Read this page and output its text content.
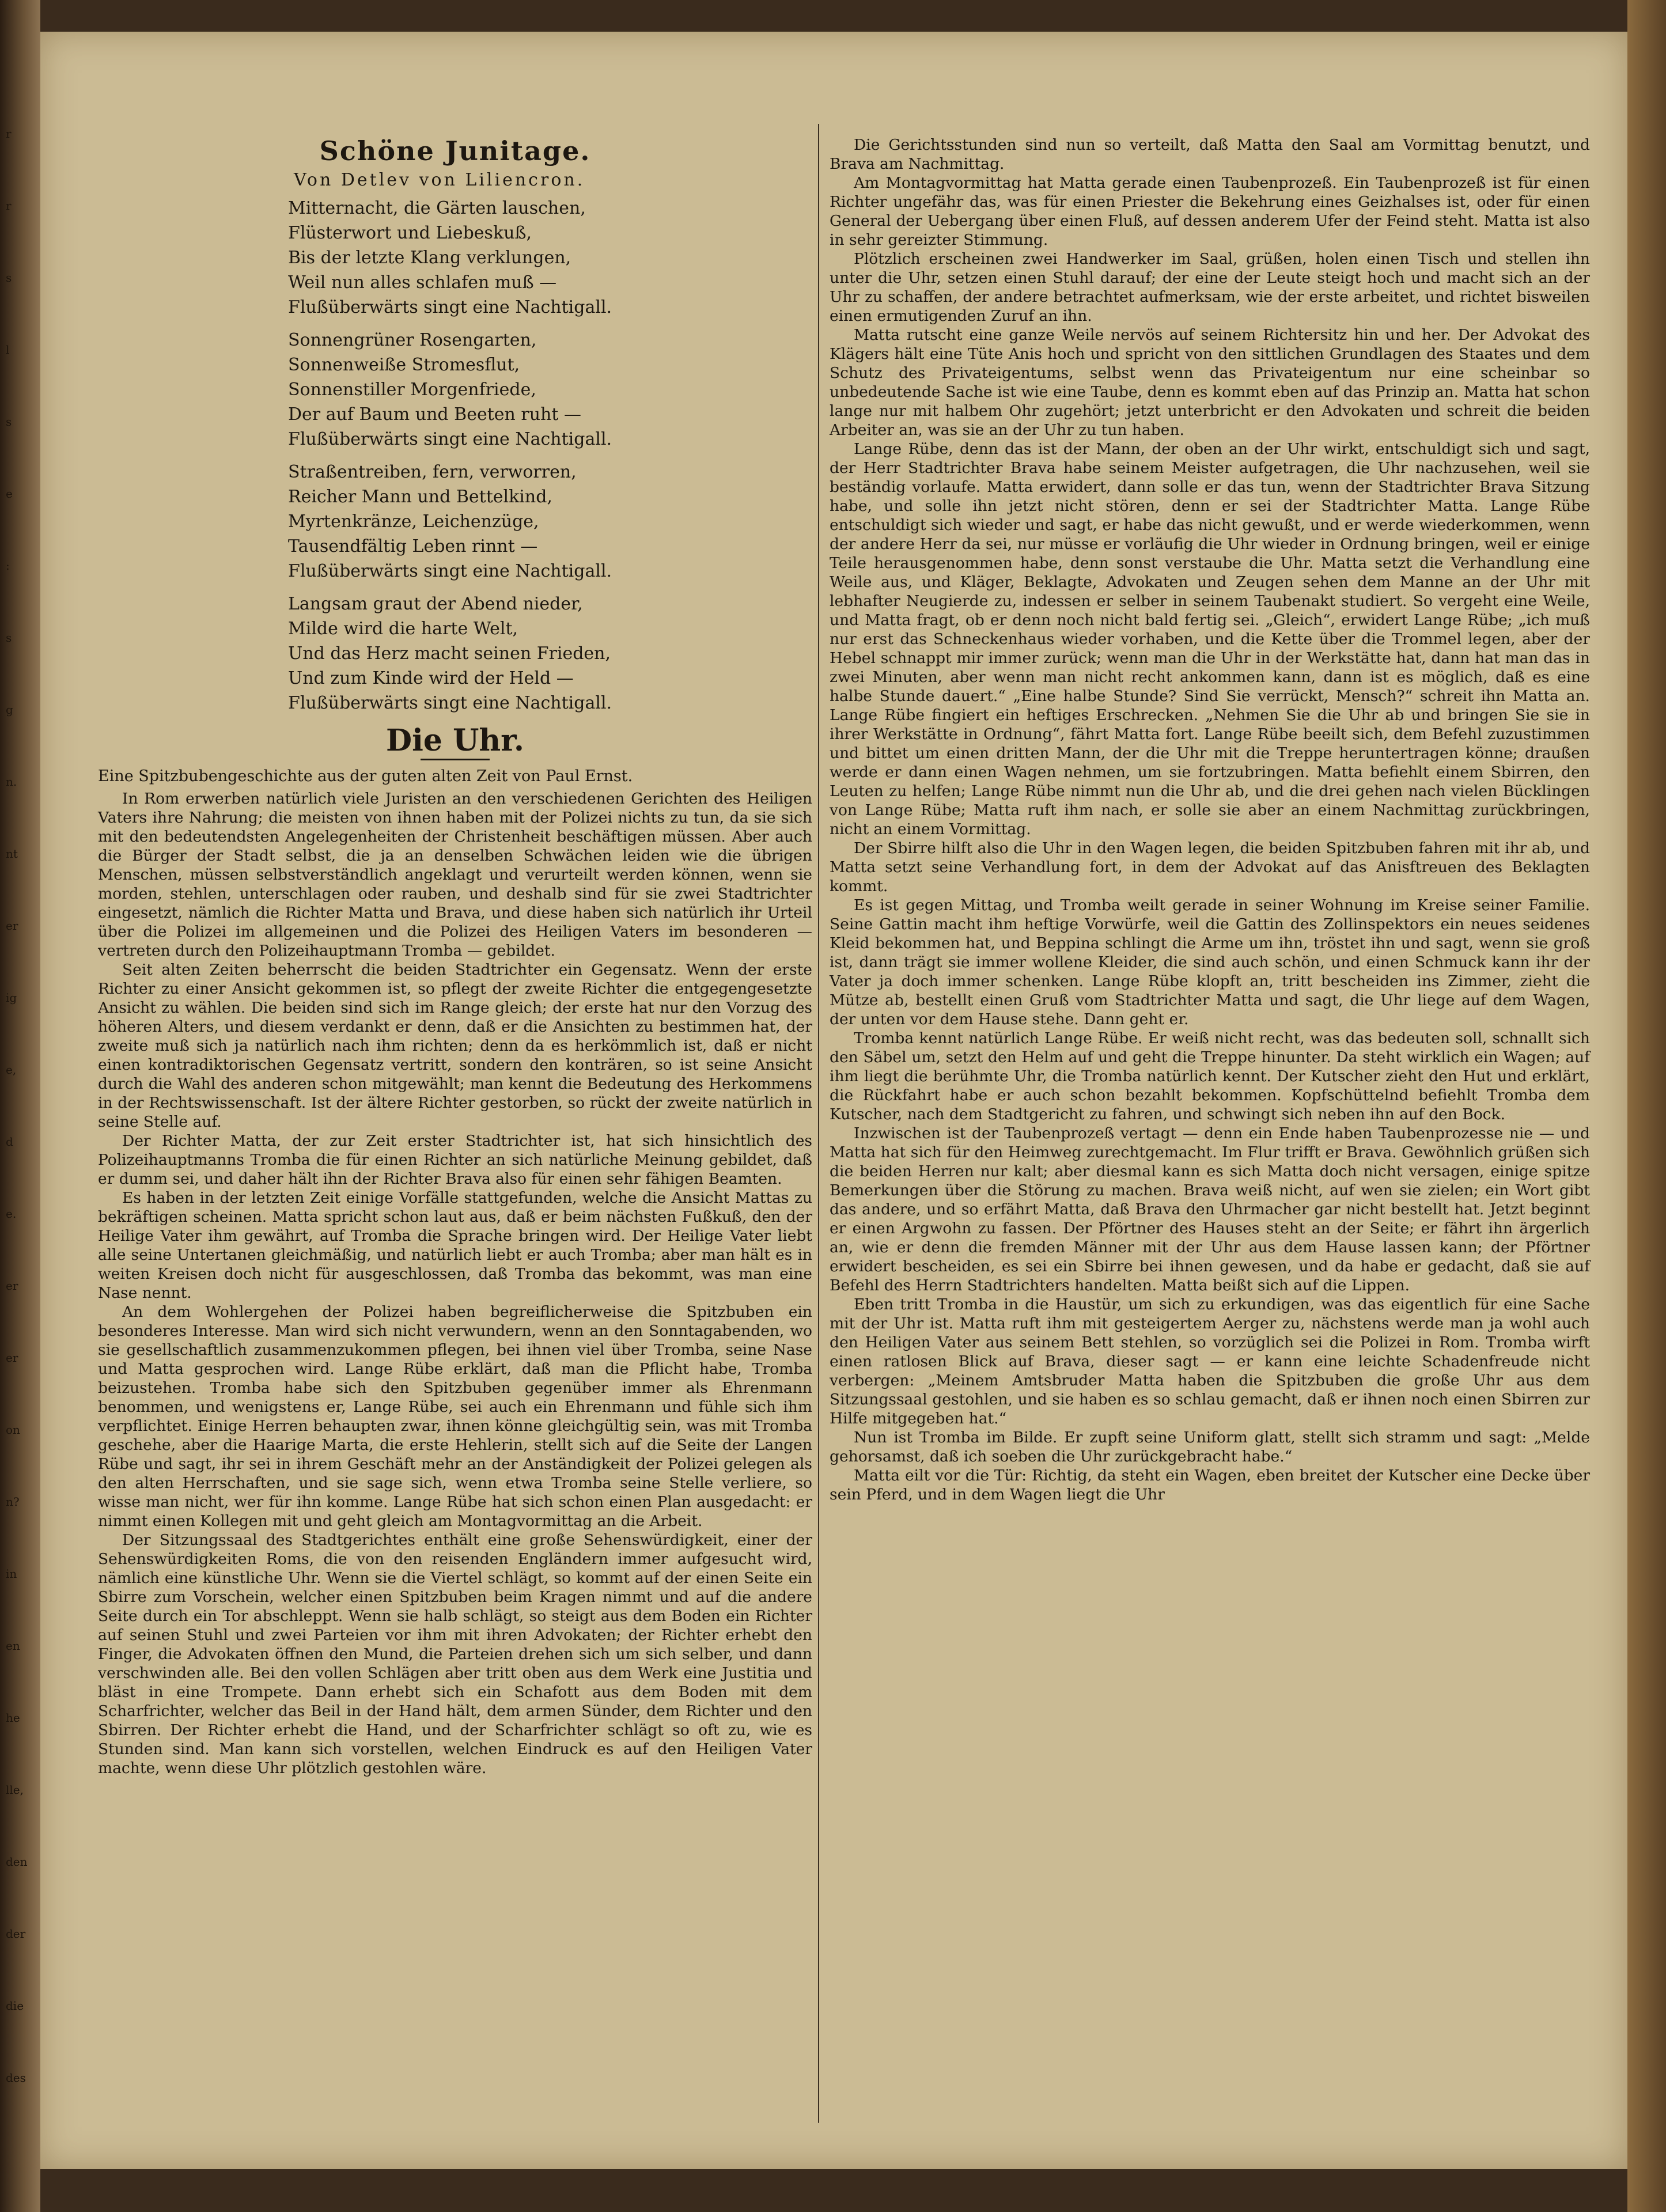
r
r
s
l
s
e
:
s
g
n.
nt
er
ig
e,
d
e.
er
er
on
n?
in
en
he
lle,
den
der
die
des
Schöne Junitage.

Von Detlev von Liliencron.

Mitternacht, die Gärten lauschen,
Flüsterwort und Liebeskuß,
Bis der letzte Klang verklungen,
Weil nun alles schlafen muß —
Flußüberwärts singt eine Nachtigall.
Sonnengrüner Rosengarten,
Sonnenweiße Stromesflut,
Sonnenstiller Morgenfriede,
Der auf Baum und Beeten ruht —
Flußüberwärts singt eine Nachtigall.
Straßentreiben, fern, verworren,
Reicher Mann und Bettelkind,
Myrtenkränze, Leichenzüge,
Tausendfältig Leben rinnt —
Flußüberwärts singt eine Nachtigall.
Langsam graut der Abend nieder,
Milde wird die harte Welt,
Und das Herz macht seinen Frieden,
Und zum Kinde wird der Held —
Flußüberwärts singt eine Nachtigall.
Die Uhr.

Eine Spitzbubengeschichte aus der guten alten Zeit von Paul Ernst.

In Rom erwerben natürlich viele Juristen an den verschiedenen Gerichten des Heiligen Vaters ihre Nahrung; die meisten von ihnen haben mit der Polizei nichts zu tun, da sie sich mit den bedeutendsten Angelegenheiten der Christenheit beschäftigen müssen. Aber auch die Bürger der Stadt selbst, die ja an denselben Schwächen leiden wie die übrigen Menschen, müssen selbstverständlich angeklagt und verurteilt werden können, wenn sie morden, stehlen, unterschlagen oder rauben, und deshalb sind für sie zwei Stadtrichter eingesetzt, nämlich die Richter Matta und Brava, und diese haben sich natürlich ihr Urteil über die Polizei im allgemeinen und die Polizei des Heiligen Vaters im besonderen — vertreten durch den Polizeihauptmann Tromba — gebildet.

Seit alten Zeiten beherrscht die beiden Stadtrichter ein Gegensatz. Wenn der erste Richter zu einer Ansicht gekommen ist, so pflegt der zweite Richter die entgegengesetzte Ansicht zu wählen. Die beiden sind sich im Range gleich; der erste hat nur den Vorzug des höheren Alters, und diesem verdankt er denn, daß er die Ansichten zu bestimmen hat, der zweite muß sich ja natürlich nach ihm richten; denn da es herkömmlich ist, daß er nicht einen kontradiktorischen Gegensatz vertritt, sondern den konträren, so ist seine Ansicht durch die Wahl des anderen schon mitgewählt; man kennt die Bedeutung des Herkommens in der Rechtswissenschaft. Ist der ältere Richter gestorben, so rückt der zweite natürlich in seine Stelle auf.

Der Richter Matta, der zur Zeit erster Stadtrichter ist, hat sich hinsichtlich des Polizeihauptmanns Tromba die für einen Richter an sich natürliche Meinung gebildet, daß er dumm sei, und daher hält ihn der Richter Brava also für einen sehr fähigen Beamten.

Es haben in der letzten Zeit einige Vorfälle stattgefunden, welche die Ansicht Mattas zu bekräftigen scheinen. Matta spricht schon laut aus, daß er beim nächsten Fußkuß, den der Heilige Vater ihm gewährt, auf Tromba die Sprache bringen wird. Der Heilige Vater liebt alle seine Untertanen gleichmäßig, und natürlich liebt er auch Tromba; aber man hält es in weiten Kreisen doch nicht für ausgeschlossen, daß Tromba das bekommt, was man eine Nase nennt.

An dem Wohlergehen der Polizei haben begreiflicherweise die Spitzbuben ein besonderes Interesse. Man wird sich nicht verwundern, wenn an den Sonntagabenden, wo sie gesellschaftlich zusammenzukommen pflegen, bei ihnen viel über Tromba, seine Nase und Matta gesprochen wird. Lange Rübe erklärt, daß man die Pflicht habe, Tromba beizustehen. Tromba habe sich den Spitzbuben gegenüber immer als Ehrenmann benommen, und wenigstens er, Lange Rübe, sei auch ein Ehrenmann und fühle sich ihm verpflichtet. Einige Herren behaupten zwar, ihnen könne gleichgültig sein, was mit Tromba geschehe, aber die Haarige Marta, die erste Hehlerin, stellt sich auf die Seite der Langen Rübe und sagt, ihr sei in ihrem Geschäft mehr an der Anständigkeit der Polizei gelegen als den alten Herrschaften, und sie sage sich, wenn etwa Tromba seine Stelle verliere, so wisse man nicht, wer für ihn komme. Lange Rübe hat sich schon einen Plan ausgedacht: er nimmt einen Kollegen mit und geht gleich am Montagvormittag an die Arbeit.

Der Sitzungssaal des Stadtgerichtes enthält eine große Sehenswürdigkeit, einer der Sehenswürdigkeiten Roms, die von den reisenden Engländern immer aufgesucht wird, nämlich eine künstliche Uhr. Wenn sie die Viertel schlägt, so kommt auf der einen Seite ein Sbirre zum Vorschein, welcher einen Spitzbuben beim Kragen nimmt und auf die andere Seite durch ein Tor abschleppt. Wenn sie halb schlägt, so steigt aus dem Boden ein Richter auf seinen Stuhl und zwei Parteien vor ihm mit ihren Advokaten; der Richter erhebt den Finger, die Advokaten öffnen den Mund, die Parteien drehen sich um sich selber, und dann verschwinden alle. Bei den vollen Schlägen aber tritt oben aus dem Werk eine Justitia und bläst in eine Trompete. Dann erhebt sich ein Schafott aus dem Boden mit dem Scharfrichter, welcher das Beil in der Hand hält, dem armen Sünder, dem Richter und den Sbirren. Der Richter erhebt die Hand, und der Scharfrichter schlägt so oft zu, wie es Stunden sind. Man kann sich vorstellen, welchen Eindruck es auf den Heiligen Vater machte, wenn diese Uhr plötzlich gestohlen wäre.

Die Gerichtsstunden sind nun so verteilt, daß Matta den Saal am Vormittag benutzt, und Brava am Nachmittag.

Am Montagvormittag hat Matta gerade einen Taubenprozeß. Ein Taubenprozeß ist für einen Richter ungefähr das, was für einen Priester die Bekehrung eines Geizhalses ist, oder für einen General der Uebergang über einen Fluß, auf dessen anderem Ufer der Feind steht. Matta ist also in sehr gereizter Stimmung.

Plötzlich erscheinen zwei Handwerker im Saal, grüßen, holen einen Tisch und stellen ihn unter die Uhr, setzen einen Stuhl darauf; der eine der Leute steigt hoch und macht sich an der Uhr zu schaffen, der andere betrachtet aufmerksam, wie der erste arbeitet, und richtet bisweilen einen ermutigenden Zuruf an ihn.

Matta rutscht eine ganze Weile nervös auf seinem Richtersitz hin und her. Der Advokat des Klägers hält eine Tüte Anis hoch und spricht von den sittlichen Grundlagen des Staates und dem Schutz des Privateigentums, selbst wenn das Privateigentum nur eine scheinbar so unbedeutende Sache ist wie eine Taube, denn es kommt eben auf das Prinzip an. Matta hat schon lange nur mit halbem Ohr zugehört; jetzt unterbricht er den Advokaten und schreit die beiden Arbeiter an, was sie an der Uhr zu tun haben.

Lange Rübe, denn das ist der Mann, der oben an der Uhr wirkt, entschuldigt sich und sagt, der Herr Stadtrichter Brava habe seinem Meister aufgetragen, die Uhr nachzusehen, weil sie beständig vorlaufe. Matta erwidert, dann solle er das tun, wenn der Stadtrichter Brava Sitzung habe, und solle ihn jetzt nicht stören, denn er sei der Stadtrichter Matta. Lange Rübe entschuldigt sich wieder und sagt, er habe das nicht gewußt, und er werde wiederkommen, wenn der andere Herr da sei, nur müsse er vorläufig die Uhr wieder in Ordnung bringen, weil er einige Teile herausgenommen habe, denn sonst verstaube die Uhr. Matta setzt die Verhandlung eine Weile aus, und Kläger, Beklagte, Advokaten und Zeugen sehen dem Manne an der Uhr mit lebhafter Neugierde zu, indessen er selber in seinem Taubenakt studiert. So vergeht eine Weile, und Matta fragt, ob er denn noch nicht bald fertig sei. „Gleich“, erwidert Lange Rübe; „ich muß nur erst das Schneckenhaus wieder vorhaben, und die Kette über die Trommel legen, aber der Hebel schnappt mir immer zurück; wenn man die Uhr in der Werkstätte hat, dann hat man das in zwei Minuten, aber wenn man nicht recht ankommen kann, dann ist es möglich, daß es eine halbe Stunde dauert.“ „Eine halbe Stunde? Sind Sie verrückt, Mensch?“ schreit ihn Matta an. Lange Rübe fingiert ein heftiges Erschrecken. „Nehmen Sie die Uhr ab und bringen Sie sie in ihrer Werkstätte in Ordnung“, fährt Matta fort. Lange Rübe beeilt sich, dem Befehl zuzustimmen und bittet um einen dritten Mann, der die Uhr mit die Treppe heruntertragen könne; draußen werde er dann einen Wagen nehmen, um sie fortzubringen. Matta befiehlt einem Sbirren, den Leuten zu helfen; Lange Rübe nimmt nun die Uhr ab, und die drei gehen nach vielen Bücklingen von Lange Rübe; Matta ruft ihm nach, er solle sie aber an einem Nachmittag zurückbringen, nicht an einem Vormittag.

Der Sbirre hilft also die Uhr in den Wagen legen, die beiden Spitzbuben fahren mit ihr ab, und Matta setzt seine Verhandlung fort, in dem der Advokat auf das Anisftreuen des Beklagten kommt.

Es ist gegen Mittag, und Tromba weilt gerade in seiner Wohnung im Kreise seiner Familie. Seine Gattin macht ihm heftige Vorwürfe, weil die Gattin des Zollinspektors ein neues seidenes Kleid bekommen hat, und Beppina schlingt die Arme um ihn, tröstet ihn und sagt, wenn sie groß ist, dann trägt sie immer wollene Kleider, die sind auch schön, und einen Schmuck kann ihr der Vater ja doch immer schenken. Lange Rübe klopft an, tritt bescheiden ins Zimmer, zieht die Mütze ab, bestellt einen Gruß vom Stadtrichter Matta und sagt, die Uhr liege auf dem Wagen, der unten vor dem Hause stehe. Dann geht er.

Tromba kennt natürlich Lange Rübe. Er weiß nicht recht, was das bedeuten soll, schnallt sich den Säbel um, setzt den Helm auf und geht die Treppe hinunter. Da steht wirklich ein Wagen; auf ihm liegt die berühmte Uhr, die Tromba natürlich kennt. Der Kutscher zieht den Hut und erklärt, die Rückfahrt habe er auch schon bezahlt bekommen. Kopfschüttelnd befiehlt Tromba dem Kutscher, nach dem Stadtgericht zu fahren, und schwingt sich neben ihn auf den Bock.

Inzwischen ist der Taubenprozeß vertagt — denn ein Ende haben Taubenprozesse nie — und Matta hat sich für den Heimweg zurechtgemacht. Im Flur trifft er Brava. Gewöhnlich grüßen sich die beiden Herren nur kalt; aber diesmal kann es sich Matta doch nicht versagen, einige spitze Bemerkungen über die Störung zu machen. Brava weiß nicht, auf wen sie zielen; ein Wort gibt das andere, und so erfährt Matta, daß Brava den Uhrmacher gar nicht bestellt hat. Jetzt beginnt er einen Argwohn zu fassen. Der Pförtner des Hauses steht an der Seite; er fährt ihn ärgerlich an, wie er denn die fremden Männer mit der Uhr aus dem Hause lassen kann; der Pförtner erwidert bescheiden, es sei ein Sbirre bei ihnen gewesen, und da habe er gedacht, daß sie auf Befehl des Herrn Stadtrichters handelten. Matta beißt sich auf die Lippen.

Eben tritt Tromba in die Haustür, um sich zu erkundigen, was das eigentlich für eine Sache mit der Uhr ist. Matta ruft ihm mit gesteigertem Aerger zu, nächstens werde man ja wohl auch den Heiligen Vater aus seinem Bett stehlen, so vorzüglich sei die Polizei in Rom. Tromba wirft einen ratlosen Blick auf Brava, dieser sagt — er kann eine leichte Schadenfreude nicht verbergen: „Meinem Amtsbruder Matta haben die Spitzbuben die große Uhr aus dem Sitzungssaal gestohlen, und sie haben es so schlau gemacht, daß er ihnen noch einen Sbirren zur Hilfe mitgegeben hat.“

Nun ist Tromba im Bilde. Er zupft seine Uniform glatt, stellt sich stramm und sagt: „Melde gehorsamst, daß ich soeben die Uhr zurückgebracht habe.“

Matta eilt vor die Tür: Richtig, da steht ein Wagen, eben breitet der Kutscher eine Decke über sein Pferd, und in dem Wagen liegt die Uhr
